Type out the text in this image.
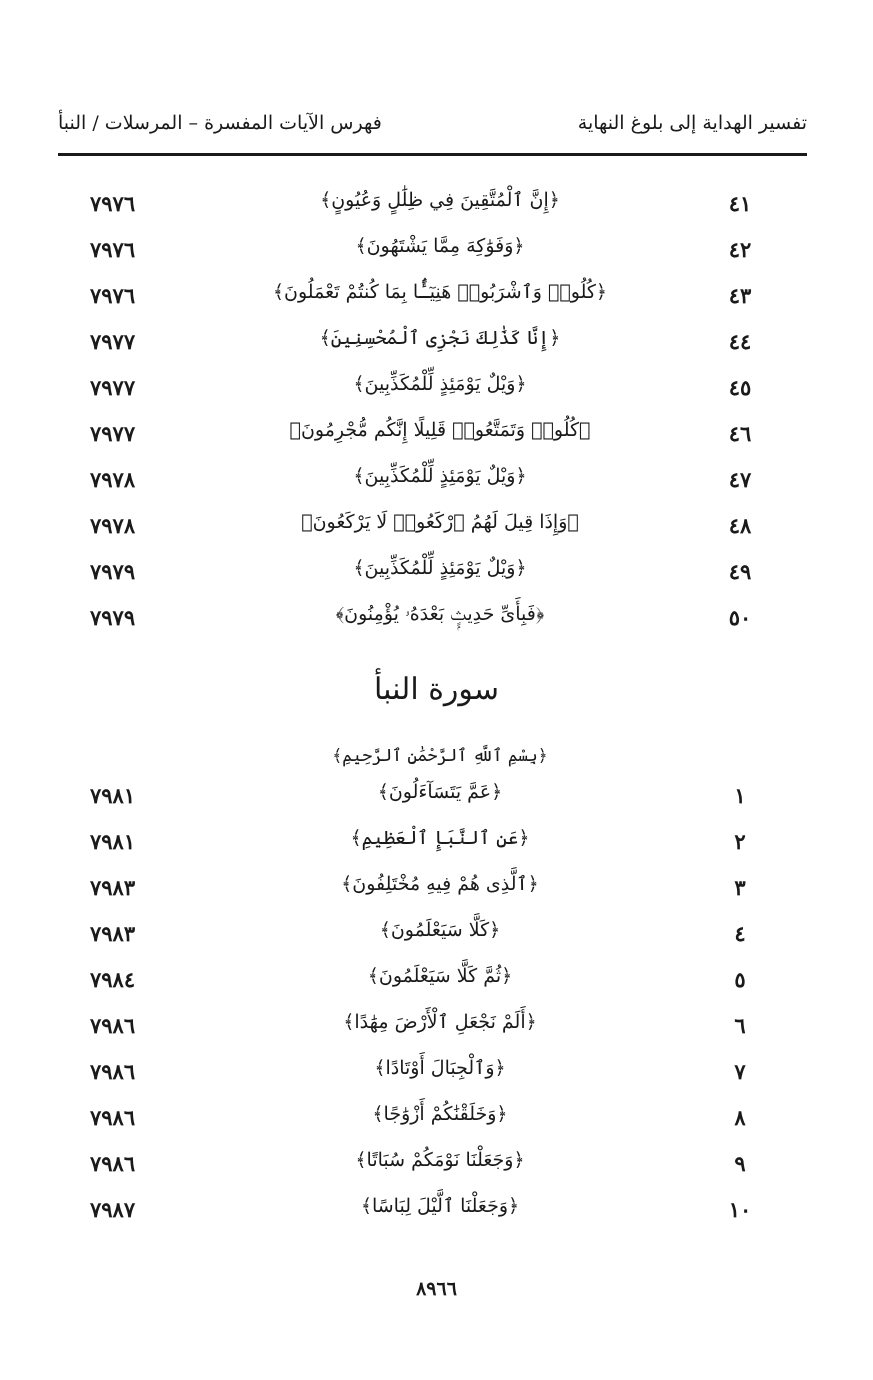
تفسير الهداية إلى بلوغ النهاية
فهرس الآيات المفسرة – المرسلات / النبأ
٤١
﴿إِنَّ ٱلْمُتَّقِينَ فِي ظِلَٰلٍ وَعُيُونٍ﴾
٧٩٧٦
٤٢
﴿وَفَوَٰكِهَ مِمَّا يَشْتَهُونَ﴾
٧٩٧٦
٤٣
﴿كُلُوا۟ وَٱشْرَبُوا۟ هَنِيٓـًٔۢا بِمَا كُنتُمْ تَعْمَلُونَ﴾
٧٩٧٦
٤٤
﴿إِنَّا كَذَٰلِكَ نَجْزِى ٱلْمُحْسِنِينَ﴾
٧٩٧٧
٤٥
﴿وَيْلٌ يَوْمَئِذٍ لِّلْمُكَذِّبِينَ﴾
٧٩٧٧
٤٦
﴿كُلُوا۟ وَتَمَتَّعُوا۟ قَلِيلًا إِنَّكُم مُّجْرِمُونَ﴾
٧٩٧٧
٤٧
﴿وَيْلٌ يَوْمَئِذٍ لِّلْمُكَذِّبِينَ﴾
٧٩٧٨
٤٨
﴿وَإِذَا قِيلَ لَهُمُ ٱرْكَعُوا۟ لَا يَرْكَعُونَ﴾
٧٩٧٨
٤٩
﴿وَيْلٌ يَوْمَئِذٍ لِّلْمُكَذِّبِينَ﴾
٧٩٧٩
٥٠
﴿فَبِأَىِّ حَدِيثٍۭ بَعْدَهُۥ يُؤْمِنُونَ﴾
٧٩٧٩
سورة النبأ
﴿بِسْمِ ٱللَّهِ ٱلرَّحْمَٰنِ ٱلرَّحِيمِ﴾
١
﴿عَمَّ يَتَسَآءَلُونَ﴾
٧٩٨١
٢
﴿عَنِ ٱلنَّبَإِ ٱلْعَظِيمِ﴾
٧٩٨١
٣
﴿ٱلَّذِى هُمْ فِيهِ مُخْتَلِفُونَ﴾
٧٩٨٣
٤
﴿كَلَّا سَيَعْلَمُونَ﴾
٧٩٨٣
٥
﴿ثُمَّ كَلَّا سَيَعْلَمُونَ﴾
٧٩٨٤
٦
﴿أَلَمْ نَجْعَلِ ٱلْأَرْضَ مِهَٰدًا﴾
٧٩٨٦
٧
﴿وَٱلْجِبَالَ أَوْتَادًا﴾
٧٩٨٦
٨
﴿وَخَلَقْنَٰكُمْ أَزْوَٰجًا﴾
٧٩٨٦
٩
﴿وَجَعَلْنَا نَوْمَكُمْ سُبَاتًا﴾
٧٩٨٦
١٠
﴿وَجَعَلْنَا ٱلَّيْلَ لِبَاسًا﴾
٧٩٨٧
٨٩٦٦
